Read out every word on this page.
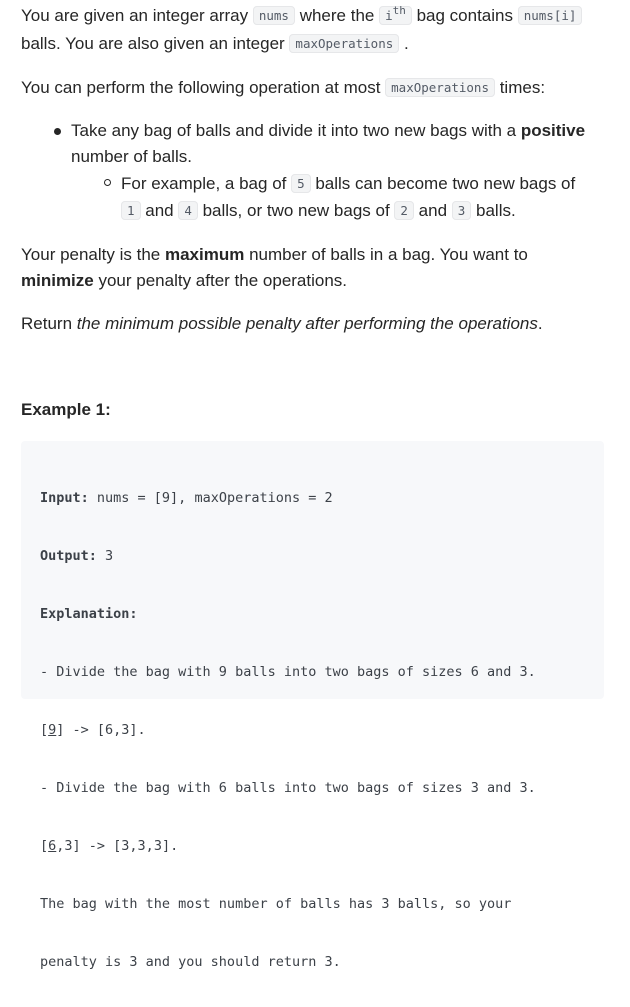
You are given an integer array nums where the $i^{th}$ bag contains nums[i] balls. You are also given an integer maxOperations .

You can perform the following operation at most maxOperations times:

Take any bag of balls and divide it into two new bags with a positive number of balls.
For example, a bag of 5 balls can become two new bags of
1 and 4 balls, or two new bags of 2 and 3 balls.

Your penalty is the maximum number of balls in a bag. You want to
minimize your penalty after the operations.

Return the minimum possible penalty after performing the operations.

Example 1:

Input: nums = [9], maxOperations = 2

Output: 3

Explanation:

- Divide the bag with 9 balls into two bags of sizes 6 and 3.

[9] -> [6,3].

- Divide the bag with 6 balls into two bags of sizes 3 and 3.

[6,3] -> [3,3,3].

The bag with the most number of balls has 3 balls, so your

penalty is 3 and you should return 3.
